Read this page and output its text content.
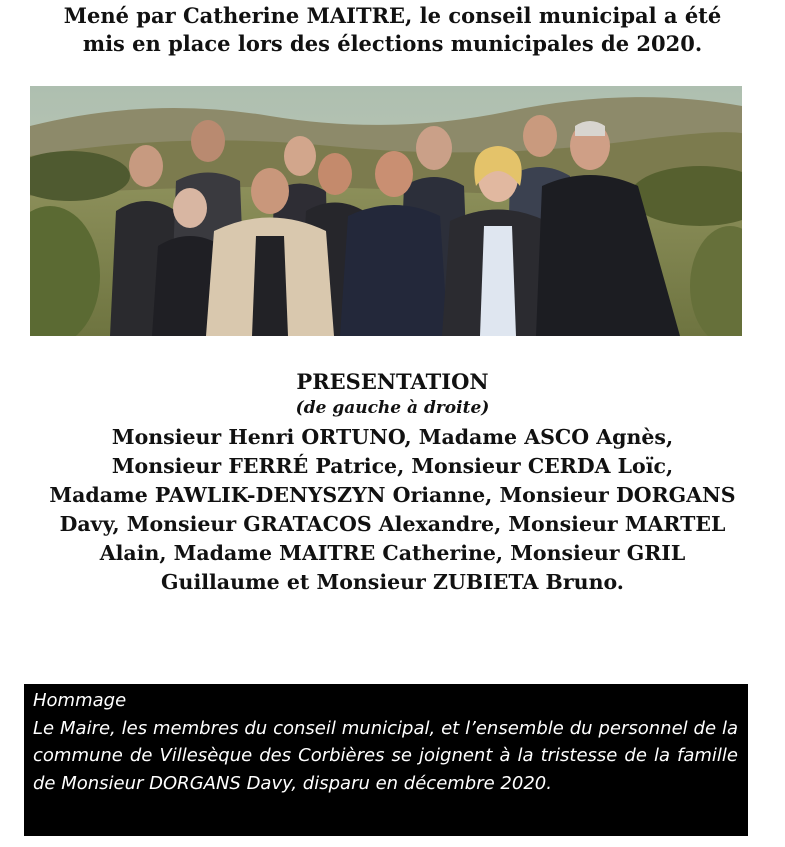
Mené par Catherine MAITRE, le conseil municipal a été

mis en place lors des élections municipales de 2020.

PRESENTATION
(de gauche à droite)

Monsieur Henri ORTUNO, Madame ASCO Agnès,

Monsieur FERRÉ Patrice, Monsieur CERDA Loïc,

Madame PAWLIK-DENYSZYN Orianne, Monsieur DORGANS

Davy, Monsieur GRATACOS Alexandre, Monsieur MARTEL

Alain, Madame MAITRE Catherine, Monsieur GRIL

Guillaume et Monsieur ZUBIETA Bruno.

Hommage
Le Maire, les membres du conseil municipal, et l’ensemble du personnel de la commune de Villesèque des Corbières se joignent à la tristesse de la famille de Monsieur DORGANS Davy, disparu en décembre 2020.
